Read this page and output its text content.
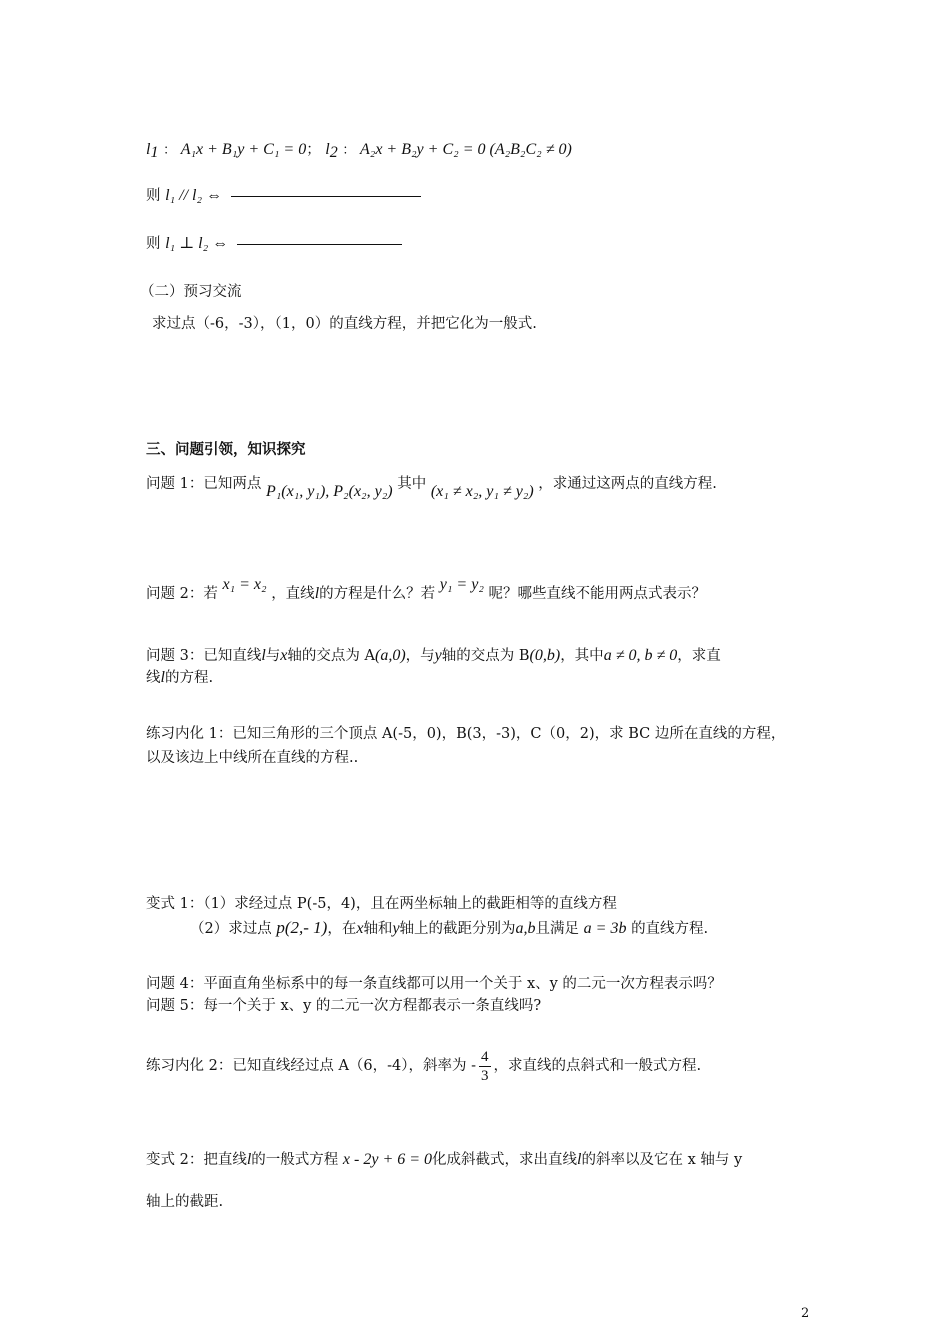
$l_1$ ： A₁x + B₁y + C₁ = 0； $l_2$ ： A₂x + B₂y + C₂ = 0 (A₂B₂C₂ ≠ 0)
则 l₁ // l₂ ⇔
则 l₁ ⊥ l₂ ⇔
（二）预习交流
求过点（-6，-3），（1，0）的直线方程，并把它化为一般式.
三、问题引领，知识探究
问题 1：已知两点 P₁(x₁, y₁), P₂(x₂, y₂) 其中 (x₁ ≠ x₂, y₁ ≠ y₂) ，求通过这两点的直线方程.
问题 2：若 x₁ = x₂ ，直线l的方程是什么？若 y₁ = y₂ 呢？哪些直线不能用两点式表示？
问题 3：已知直线l与x轴的交点为 A(a,0)，与y轴的交点为 B(0,b)，其中a ≠ 0, b ≠ 0，求直
线l的方程.
练习内化 1：已知三角形的三个顶点 A(-5，0)，B(3，-3)，C（0，2)，求 BC 边所在直线的方程，
以及该边上中线所在直线的方程..
变式 1：（1）求经过点 P(-5，4)，且在两坐标轴上的截距相等的直线方程
（2）求过点 p(2,- 1)，在x轴和y轴上的截距分别为a,b且满足 a = 3b 的直线方程.
问题 4：平面直角坐标系中的每一条直线都可以用一个关于 x、y 的二元一次方程表示吗？
问题 5：每一个关于 x、y 的二元一次方程都表示一条直线吗?
练习内化 2：已知直线经过点 A（6，-4），斜率为 - $\frac{4}{3}$ ，求直线的点斜式和一般式方程.
变式 2：把直线l的一般式方程 x - 2y + 6 = 0化成斜截式，求出直线l的斜率以及它在 x 轴与 y
轴上的截距.
2
